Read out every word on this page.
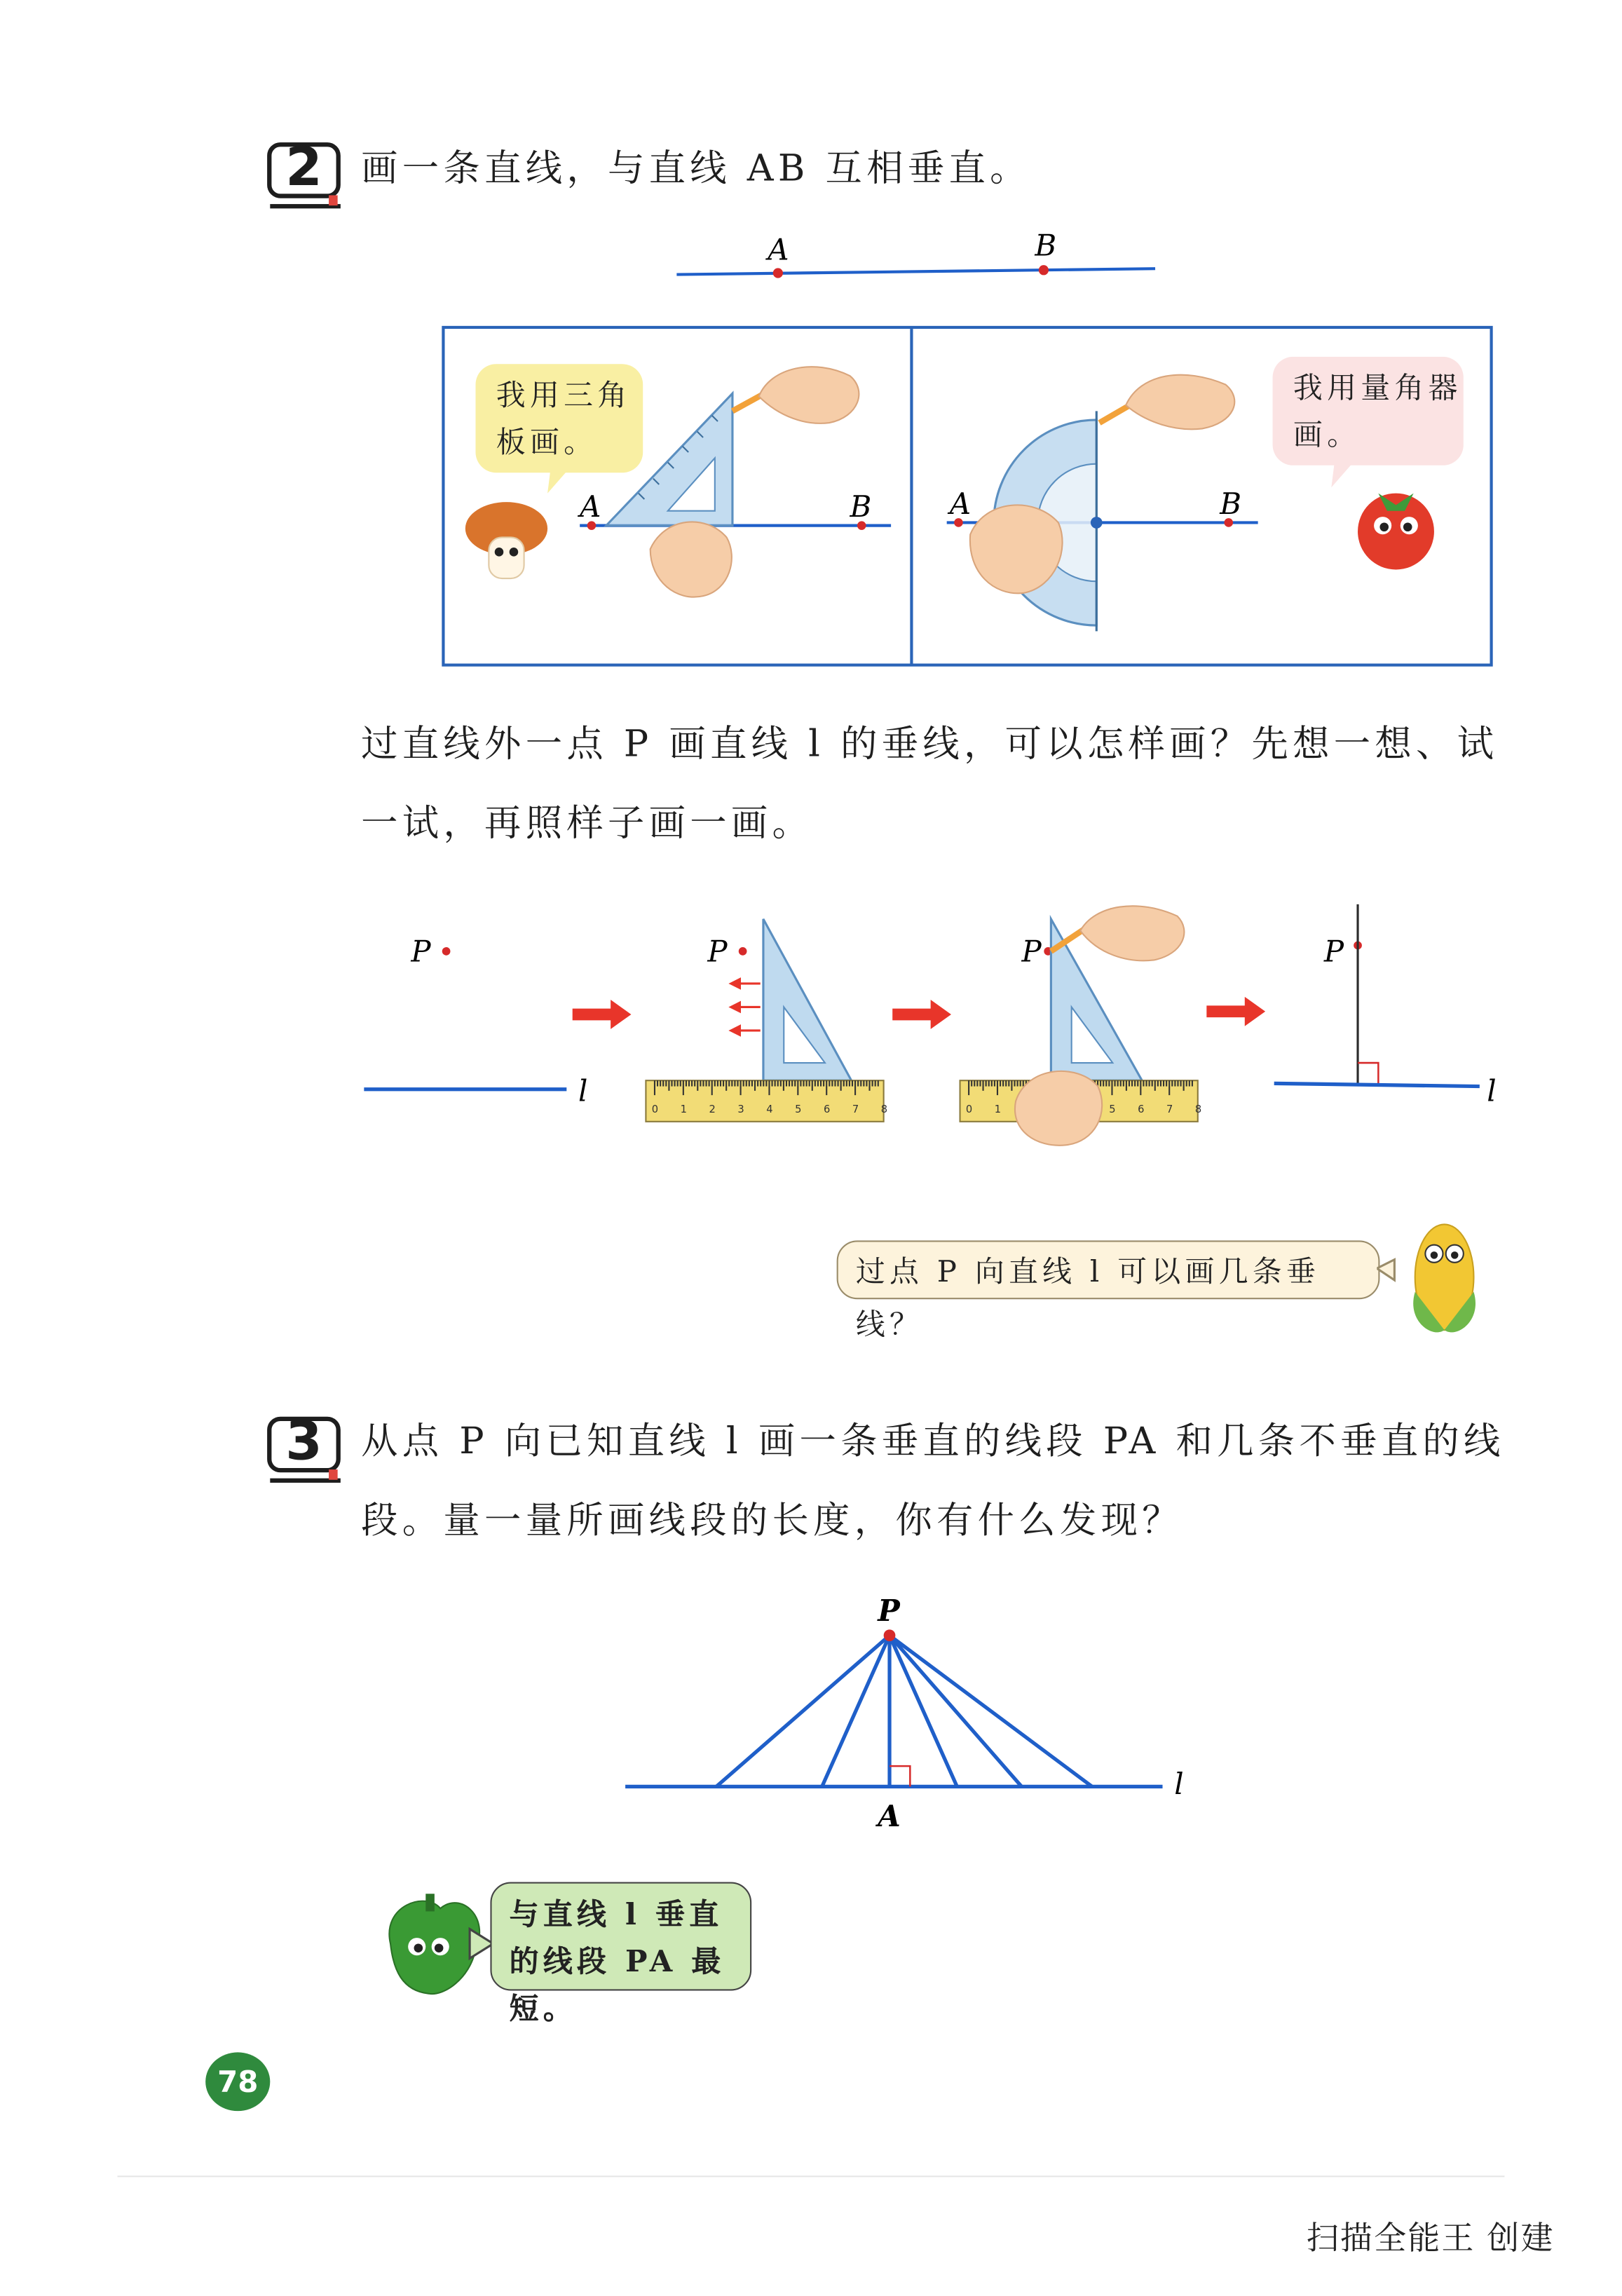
2	画一条直线，与直线 AB 互相垂直。
A	B
我用三角板画。
A	B
我用量角器画。
A	B
过直线外一点 P 画直线 l 的垂线，可以怎样画？先想一想、试一试，再照样子画一画。
P
l
P
0	1	2	3	4	5	6	7	8
P
0	1	5	6	7	8
P
l
过点 P 向直线 l 可以画几条垂线？
3	从点 P 向已知直线 l 画一条垂直的线段 PA 和几条不垂直的线段。量一量所画线段的长度，你有什么发现？
P
l
A
与直线 l 垂直的线段 PA 最短。
78
扫描全能王 创建
